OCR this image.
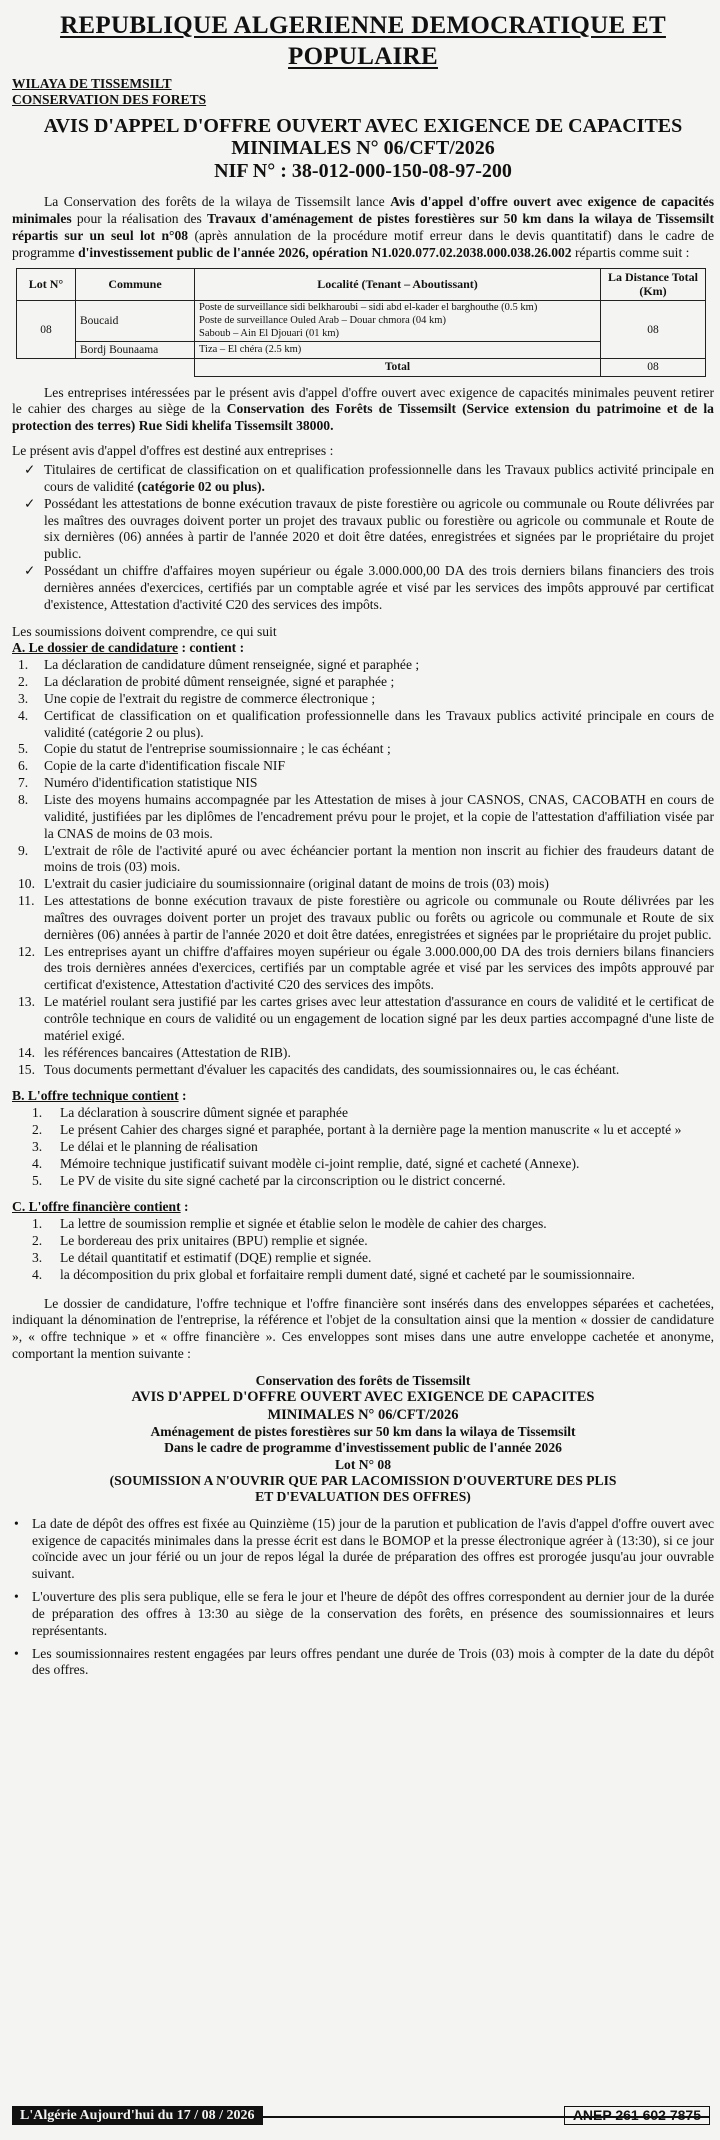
REPUBLIQUE ALGERIENNE DEMOCRATIQUE ET POPULAIRE
WILAYA DE TISSEMSILT
CONSERVATION DES FORETS
AVIS D'APPEL D'OFFRE OUVERT AVEC EXIGENCE DE CAPACITES
MINIMALES N° 06/CFT/2026
NIF N° : 38-012-000-150-08-97-200

La Conservation des forêts de la wilaya de Tissemsilt lance Avis d'appel d'offre ouvert avec exigence de capacités minimales pour la réalisation des Travaux d'aménagement de pistes forestières sur 50 km dans la wilaya de Tissemsilt répartis sur un seul lot n°08 (après annulation de la procédure motif erreur dans le devis quantitatif) dans le cadre de programme d'investissement public de l'année 2026, opération N1.020.077.02.2038.000.038.26.002 répartis comme suit :

Lot N°	Commune	Localité (Tenant – Aboutissant)	La Distance Total (Km)
08	Boucaid	Poste de surveillance sidi belkharoubi – sidi abd el-kader el barghouthe (0.5 km)
Poste de surveillance Ouled Arab – Douar chmora (04 km)
Saboub – Ain El Djouari (01 km)	08
	Bordj Bounaama	Tiza – El chéra (2.5 km)	
		Total	08

Les entreprises intéressées par le présent avis d'appel d'offre ouvert avec exigence de capacités minimales peuvent retirer le cahier des charges au siège de la Conservation des Forêts de Tissemsilt (Service extension du patrimoine et de la protection des terres) Rue Sidi khelifa Tissemsilt 38000.

Le présent avis d'appel d'offres est destiné aux entreprises :

✓ Titulaires de certificat de classification on et qualification professionnelle dans les Travaux publics activité principale en cours de validité (catégorie 02 ou plus).
✓ Possédant les attestations de bonne exécution travaux de piste forestière ou agricole ou communale ou Route délivrées par les maîtres des ouvrages doivent porter un projet des travaux public ou forestière ou agricole ou communale et Route de six dernières (06) années à partir de l'année 2020 et doit être datées, enregistrées et signées par le propriétaire du projet public.
✓ Possédant un chiffre d'affaires moyen supérieur ou égale 3.000.000,00 DA des trois derniers bilans financiers des trois dernières années d'exercices, certifiés par un comptable agrée et visé par les services des impôts approuvé par certificat d'existence, Attestation d'activité C20 des services des impôts.

Les soumissions doivent comprendre, ce qui suit

A. Le dossier de candidature : contient :
1. La déclaration de candidature dûment renseignée, signé et paraphée ;
2. La déclaration de probité dûment renseignée, signé et paraphée ;
3. Une copie de l'extrait du registre de commerce électronique ;
4. Certificat de classification on et qualification professionnelle dans les Travaux publics activité principale en cours de validité (catégorie 2 ou plus).
5. Copie du statut de l'entreprise soumissionnaire ; le cas échéant ;
6. Copie de la carte d'identification fiscale NIF
7. Numéro d'identification statistique NIS
8. Liste des moyens humains accompagnée par les Attestation de mises à jour CASNOS, CNAS, CACOBATH en cours de validité, justifiées par les diplômes de l'encadrement prévu pour le projet, et la copie de l'attestation d'affiliation visée par la CNAS de moins de 03 mois.
9. L'extrait de rôle de l'activité apuré ou avec échéancier portant la mention non inscrit au fichier des fraudeurs datant de moins de trois (03) mois.
10. L'extrait du casier judiciaire du soumissionnaire (original datant de moins de trois (03) mois)
11. Les attestations de bonne exécution travaux de piste forestière ou agricole ou communale ou Route délivrées par les maîtres des ouvrages doivent porter un projet des travaux public ou forêts ou agricole ou communale et Route de six dernières (06) années à partir de l'année 2020 et doit être datées, enregistrées et signées par le propriétaire du projet public.
12. Les entreprises ayant un chiffre d'affaires moyen supérieur ou égale 3.000.000,00 DA des trois derniers bilans financiers des trois dernières années d'exercices, certifiés par un comptable agrée et visé par les services des impôts approuvé par certificat d'existence, Attestation d'activité C20 des services des impôts.
13. Le matériel roulant sera justifié par les cartes grises avec leur attestation d'assurance en cours de validité et le certificat de contrôle technique en cours de validité ou un engagement de location signé par les deux parties accompagné d'une liste de matériel exigé.
14. les références bancaires (Attestation de RIB).
15. Tous documents permettant d'évaluer les capacités des candidats, des soumissionnaires ou, le cas échéant.
B. L'offre technique contient :
1. La déclaration à souscrire dûment signée et paraphée
2. Le présent Cahier des charges signé et paraphée, portant à la dernière page la mention manuscrite « lu et accepté »
3. Le délai et le planning de réalisation
4. Mémoire technique justificatif suivant modèle ci-joint remplie, daté, signé et cacheté (Annexe).
5. Le PV de visite du site signé cacheté par la circonscription ou le district concerné.
C. L'offre financière contient :
1. La lettre de soumission remplie et signée et établie selon le modèle de cahier des charges.
2. Le bordereau des prix unitaires (BPU) remplie et signée.
3. Le détail quantitatif et estimatif (DQE) remplie et signée.
4. la décomposition du prix global et forfaitaire rempli dument daté, signé et cacheté par le soumissionnaire.

Le dossier de candidature, l'offre technique et l'offre financière sont insérés dans des enveloppes séparées et cachetées, indiquant la dénomination de l'entreprise, la référence et l'objet de la consultation ainsi que la mention « dossier de candidature », « offre technique » et « offre financière ». Ces enveloppes sont mises dans une autre enveloppe cachetée et anonyme, comportant la mention suivante :

Conservation des forêts de Tissemsilt
AVIS D'APPEL D'OFFRE OUVERT AVEC EXIGENCE DE CAPACITES
MINIMALES N° 06/CFT/2026
Aménagement de pistes forestières sur 50 km dans la wilaya de Tissemsilt
Dans le cadre de programme d'investissement public de l'année 2026
Lot N° 08
(SOUMISSION A N'OUVRIR QUE PAR LACOMISSION D'OUVERTURE DES PLIS
ET D'EVALUATION DES OFFRES)
• La date de dépôt des offres est fixée au Quinzième (15) jour de la parution et publication de l'avis d'appel d'offre ouvert avec exigence de capacités minimales dans la presse écrit est dans le BOMOP et la presse électronique agréer à (13:30), si ce jour coïncide avec un jour férié ou un jour de repos légal la durée de préparation des offres est prorogée jusqu'au jour ouvrable suivant.
• L'ouverture des plis sera publique, elle se fera le jour et l'heure de dépôt des offres correspondent au dernier jour de la durée de préparation des offres à 13:30 au siège de la conservation des forêts, en présence des soumissionnaires et leurs représentants.
• Les soumissionnaires restent engagées par leurs offres pendant une durée de Trois (03) mois à compter de la date du dépôt des offres.
L'Algérie Aujourd'hui du 17 / 08 / 2026	ANEP 261 602 7875
